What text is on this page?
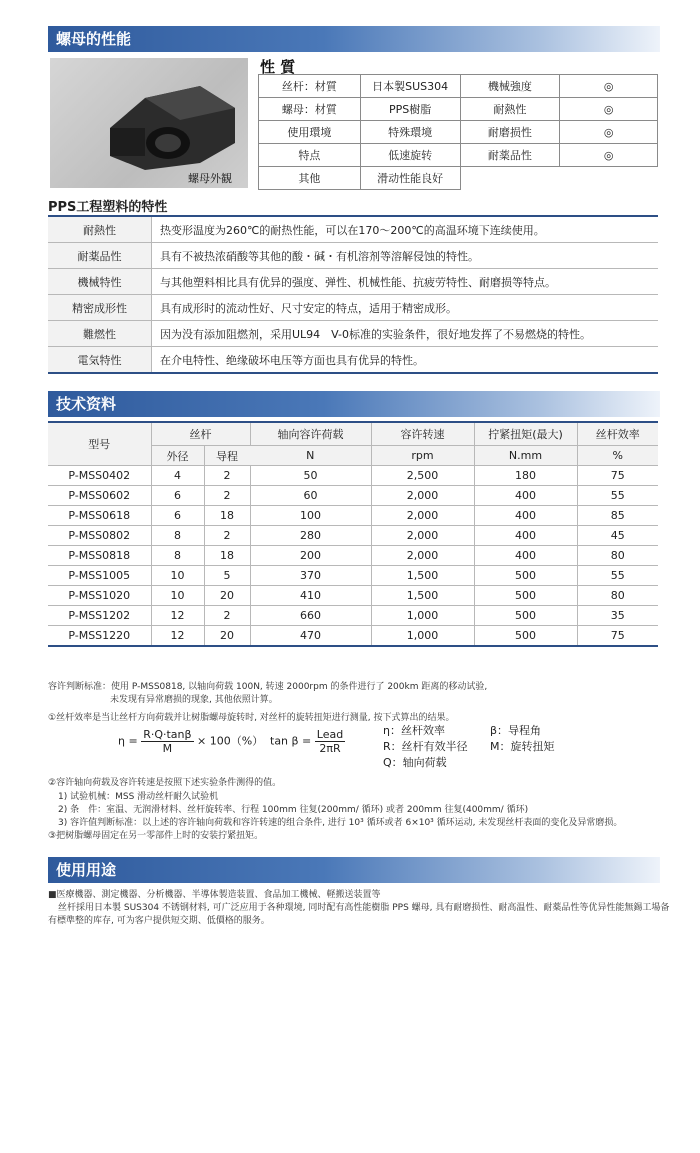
螺母的性能
螺母外観
性 質
丝杆：材質	日本製SUS304	機械強度	◎
螺母：材質	PPS樹脂	耐熱性	◎
使用環境	特殊環境	耐磨损性	◎
特点	低速旋转	耐薬品性	◎
其他	滑动性能良好		
PPS工程塑料的特性
耐熱性	热变形温度为260℃的耐热性能，可以在170～200℃的高温环境下连续使用。
耐薬品性	具有不被热浓硝酸等其他的酸・碱・有机溶剂等溶解侵蚀的特性。
機械特性	与其他塑料相比具有优异的强度、弹性、机械性能、抗疲劳特性、耐磨损等特点。
精密成形性	具有成形时的流动性好、尺寸安定的特点，适用于精密成形。
難燃性	因为没有添加阻燃剂，采用UL94　V-0标准的实验条件，很好地发挥了不易燃烧的特性。
電気特性	在介电特性、绝缘破坏电压等方面也具有优异的特性。
技术资料
型号	丝杆		轴向容许荷载	容许转速	拧紧扭矩(最大)	丝杆效率
	外径	导程				
			N	rpm	N.mm	%
P-MSS0402	4	2	50	2,500	180	75
P-MSS0602	6	2	60	2,000	400	55
P-MSS0618	6	18	100	2,000	400	85
P-MSS0802	8	2	280	2,000	400	45
P-MSS0818	8	18	200	2,000	400	80
P-MSS1005	10	5	370	1,500	500	55
P-MSS1020	10	20	410	1,500	500	80
P-MSS1202	12	2	660	1,000	500	35
P-MSS1220	12	20	470	1,000	500	75
容许判断标准：使用 P-MSS0818, 以轴向荷载 100N, 转速 2000rpm 的条件进行了 200km 距离的移动试验,
未发现有异常磨损的现象, 其他依照计算。
①丝杆效率是当让丝杆方向荷载并让树脂螺母旋转时, 对丝杆的旋转扭矩进行测量, 按下式算出的结果。
$\eta = \frac{R\cdot Q\cdot\tan\beta}{M} \times 100(\%)$ $\tan \beta = \frac{\text{Lead}}{2\pi R}$	η：丝杆效率
R：丝杆有效半径
Q：轴向荷载
β：导程角
M：旋转扭矩
②容许轴向荷载及容许转速是按照下述实验条件测得的值。
1) 试验机械：MSS 滑动丝杆耐久试验机
2) 条　件：室温、无润滑材料、丝杆旋转率、行程 100mm 往复(200mm/ 循环) 或者 200mm 往复(400mm/ 循环)
3) 容许值判断标准：以上述的容许轴向荷载和容许转速的组合条件, 进行 10³ 循环或者 6×10³ 循环运动, 未发现丝杆表面的变化及异常磨损。
③把树脂螺母固定在另一零部件上时的安装拧紧扭矩。
使用用途
■医療機器、測定機器、分析機器、半導体製造装置、食品加工機械、軽搬送装置等
丝杆採用日本製 SUS304 不锈钢材料, 可广泛应用于各种環境, 同时配有高性能樹脂 PPS 螺母, 具有耐磨损性、耐高温性、耐薬品性等优异性能無錫工場备
有標準整的库存, 可为客户提供短交期、低價格的服务。
